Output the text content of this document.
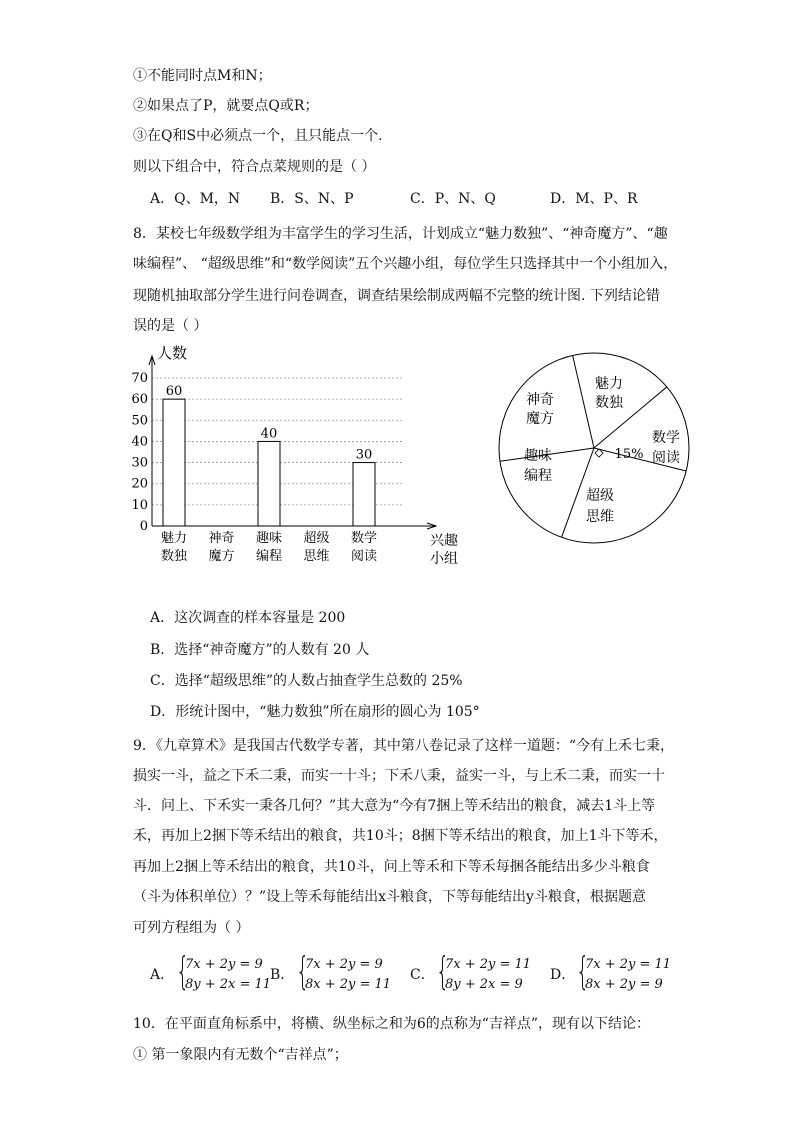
①不能同时点M和N；
②如果点了P，就要点Q或R；
③在Q和S中必须点一个，且只能点一个.
则以下组合中，符合点菜规则的是（ ）
A．Q、M，N B．S、N、P	C．P、N、Q	D．M、P、R
8．某校七年级数学组为丰富学生的学习生活，计划成立“魅力数独”、“神奇魔方”、“趣
味编程”、 “超级思维”和“数学阅读”五个兴趣小组，每位学生只选择其中一个小组加入，
现随机抽取部分学生进行问卷调查，调查结果绘制成两幅不完整的统计图. 下列结论错
误的是（ ）
0
10
20
30
40
50
60
70
人数
兴趣
小组
60
魅力
数独
神奇
魔方
40
趣味
编程
超级
思维
30
数学
阅读
魅力
数独
数学
阅读
15%
超级
思维
趣味
编程
神奇
魔方
A．这次调查的样本容量是 200
B．选择“神奇魔方”的人数有 20 人
C．选择“超级思维”的人数占抽查学生总数的 25%
D．形统计图中，“魅力数独”所在扇形的圆心为 105°
9．《九章算术》是我国古代数学专著，其中第八卷记录了这样一道题：“今有上禾七秉，
损实一斗，益之下禾二秉，而实一十斗；下禾八秉，益实一斗，与上禾二秉，而实一十
斗．问上、下禾实一秉各几何？”其大意为“今有7捆上等禾结出的粮食，减去1斗上等
禾，再加上2捆下等禾结出的粮食，共10斗；8捆下等禾结出的粮食，加上1斗下等禾，
再加上2捆上等禾结出的粮食，共10斗，问上等禾和下等禾每捆各能结出多少斗粮食
（斗为体积单位）？”设上等禾每能结出x斗粮食，下等每能结出y斗粮食，根据题意
可列方程组为（ ）
A． {
7x + 2y = 9
8y + 2x = 11
B． {
7x + 2y = 9
8x + 2y = 11
C． {
7x + 2y = 11
8y + 2x = 9
D． {
7x + 2y = 11
8x + 2y = 9
10．在平面直角标系中，将横、纵坐标之和为6的点称为“吉祥点”，现有以下结论：
① 第一象限内有无数个“吉祥点”；
